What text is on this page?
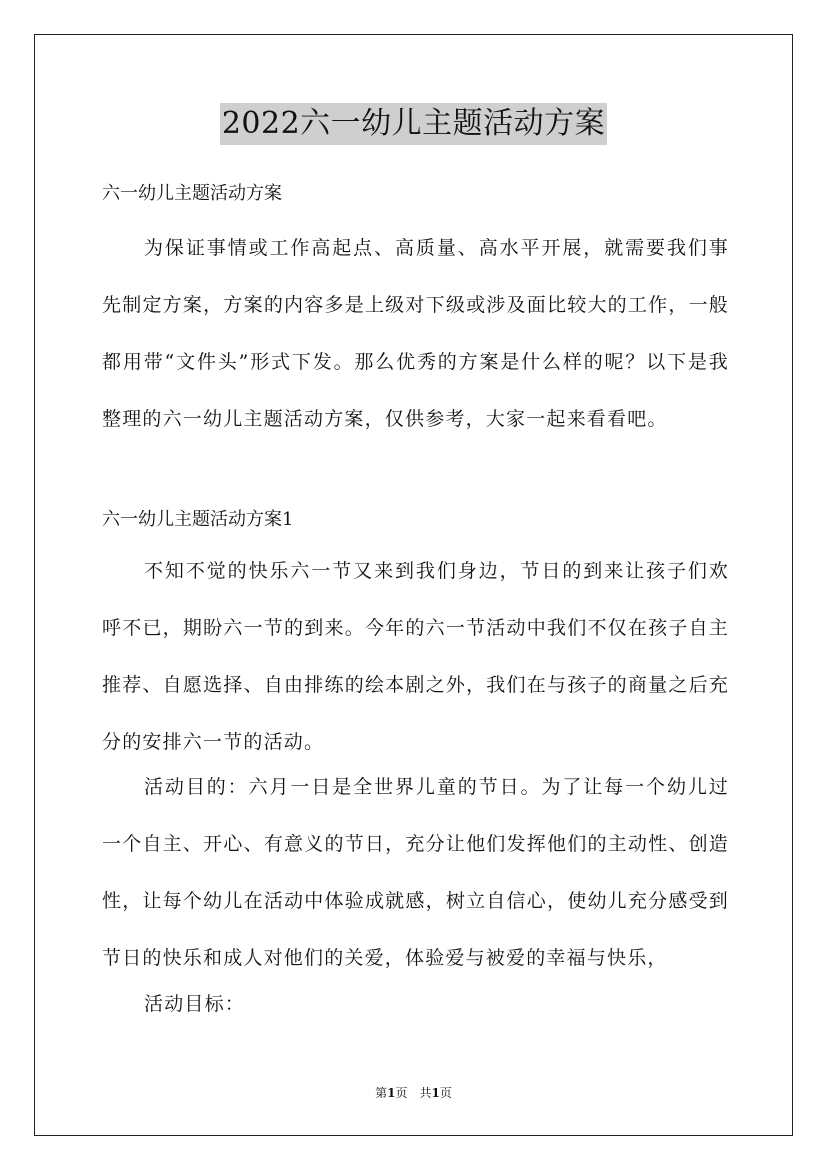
2022六一幼儿主题活动方案
六一幼儿主题活动方案
为保证事情或工作高起点、高质量、高水平开展，就需要我们事先制定方案，方案的内容多是上级对下级或涉及面比较大的工作，一般都用带“文件头”形式下发。那么优秀的方案是什么样的呢？以下是我整理的六一幼儿主题活动方案，仅供参考，大家一起来看看吧。
六一幼儿主题活动方案1
不知不觉的快乐六一节又来到我们身边，节日的到来让孩子们欢呼不已，期盼六一节的到来。今年的六一节活动中我们不仅在孩子自主推荐、自愿选择、自由排练的绘本剧之外，我们在与孩子的商量之后充分的安排六一节的活动。
活动目的：六月一日是全世界儿童的节日。为了让每一个幼儿过一个自主、开心、有意义的节日，充分让他们发挥他们的主动性、创造性，让每个幼儿在活动中体验成就感，树立自信心，使幼儿充分感受到节日的快乐和成人对他们的关爱，体验爱与被爱的幸福与快乐，
活动目标：
第1页　共1页
